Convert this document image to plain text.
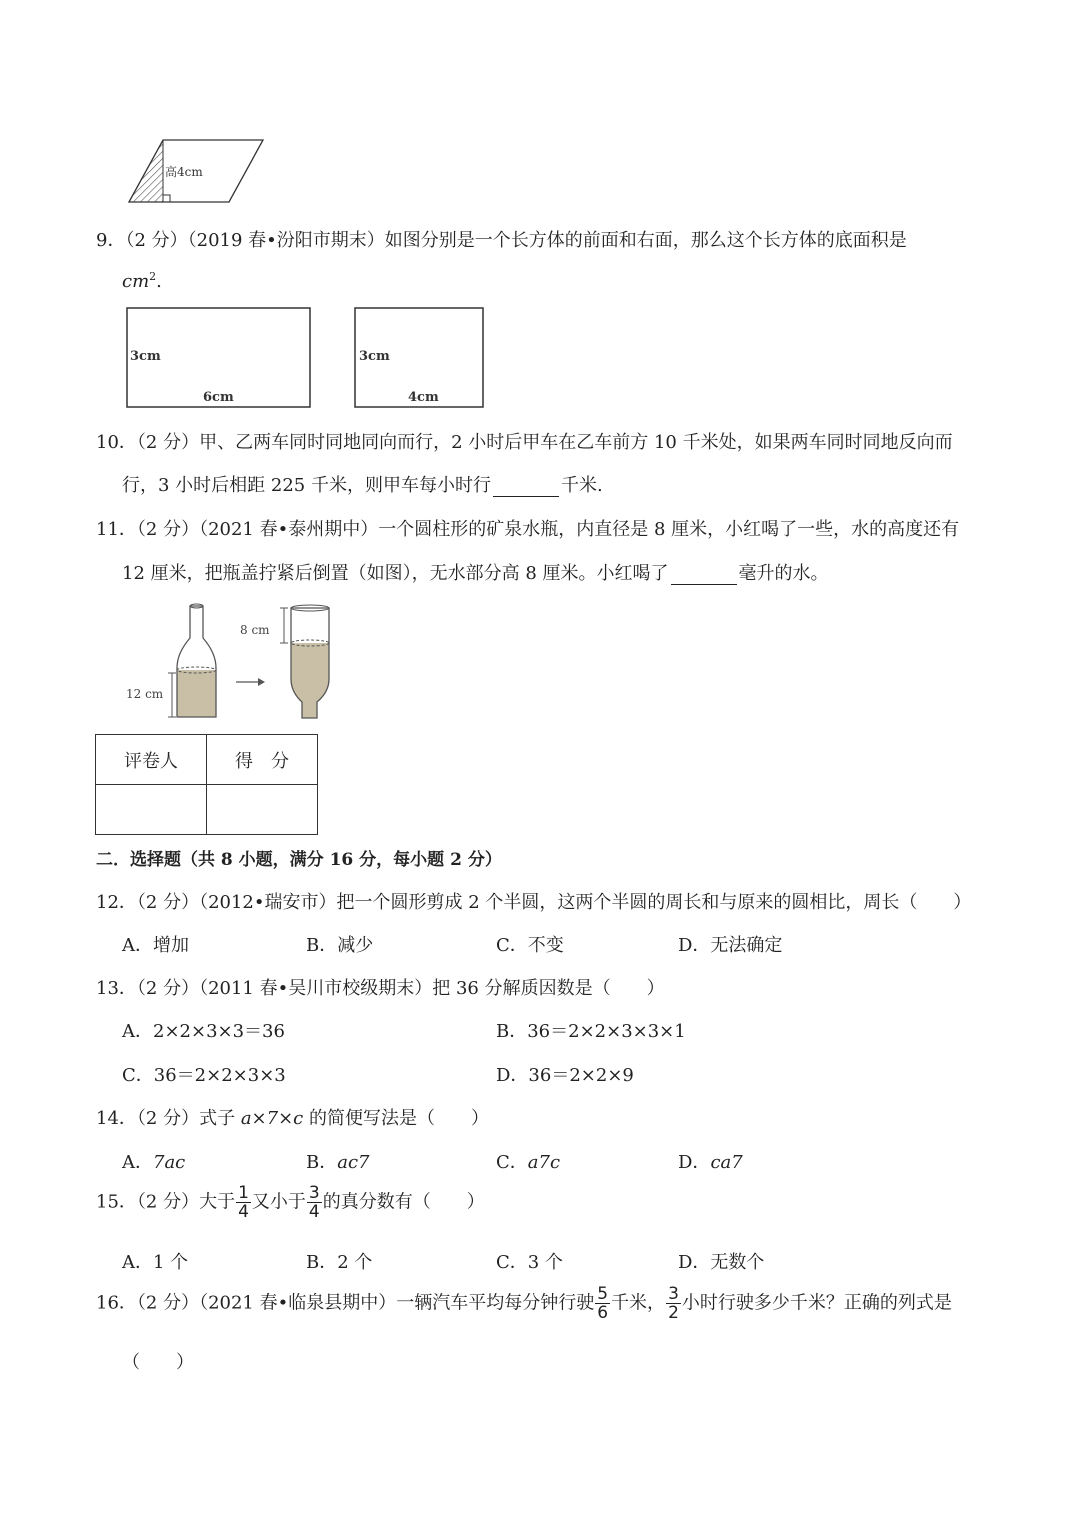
高4cm
9．（2 分）（2019 春•汾阳市期末）如图分别是一个长方体的前面和右面，那么这个长方体的底面积是
$cm^2$.
3cm
6cm
3cm
4cm
10．（2 分）甲、乙两车同时同地同向而行，2 小时后甲车在乙车前方 10 千米处，如果两车同时同地反向而
行，3 小时后相距 225 千米，则甲车每小时行	千米.
11．（2 分）（2021 春•泰州期中）一个圆柱形的矿泉水瓶，内直径是 8 厘米，小红喝了一些，水的高度还有
12 厘米，把瓶盖拧紧后倒置（如图），无水部分高 8 厘米。小红喝了	毫升的水。
12 cm
8 cm
评卷人	得　分

二．选择题（共 8 小题，满分 16 分，每小题 2 分）
12．（2 分）（2012•瑞安市）把一个圆形剪成 2 个半圆，这两个半圆的周长和与原来的圆相比，周长（　　）
A．增加	B．减少	C．不变	D．无法确定
13．（2 分）（2011 春•吴川市校级期末）把 36 分解质因数是（　　）
A．2×2×3×3＝36	B．36＝2×2×3×3×1
C．36＝2×2×3×3	D．36＝2×2×9
14．（2 分）式子 a×7×c 的简便写法是（　　）
A．7ac	B．ac7	C．a7c	D．ca7
15．（2 分）大于 $\frac{1}{4}$ 又小于 $\frac{3}{4}$ 的真分数有（　　）
A．1 个	B．2 个	C．3 个	D．无数个
16．（2 分）（2021 春•临泉县期中）一辆汽车平均每分钟行驶 $\frac{5}{6}$ 千米， $\frac{3}{2}$ 小时行驶多少千米？正确的列式是
（　　）
